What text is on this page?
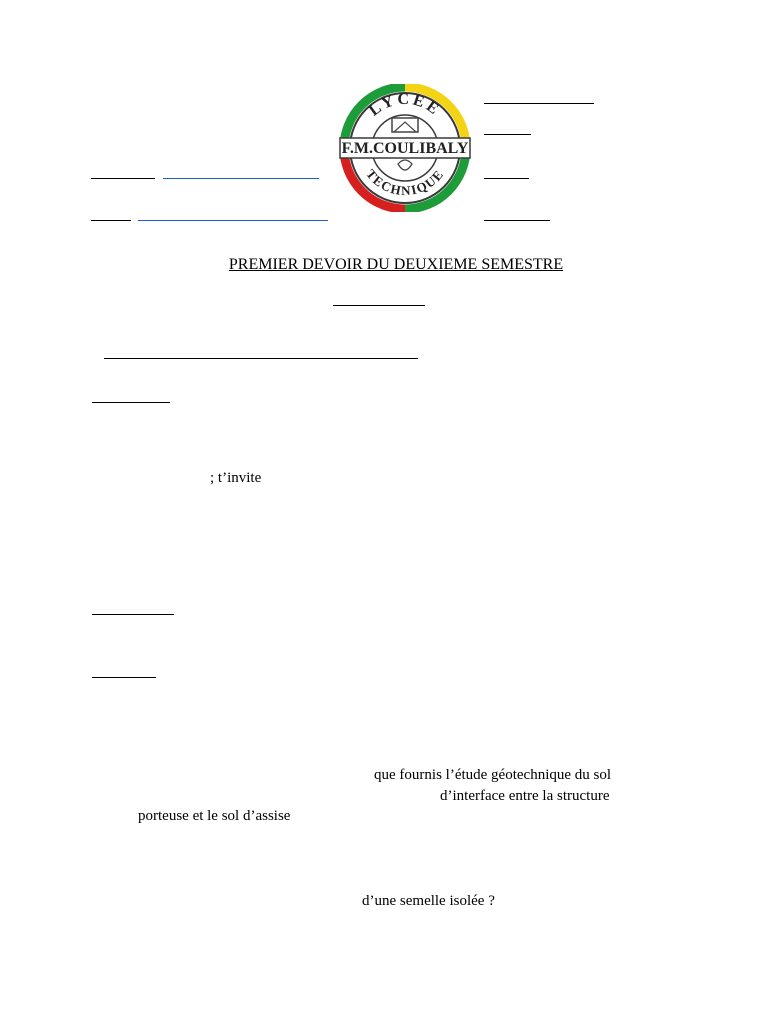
LYCEE
TECHNIQUE
F.M.COULIBALY
PREMIER DEVOIR DU DEUXIEME SEMESTRE
; t’invite
que fournis l’étude géotechnique du sol
d’interface entre la structure
porteuse et le sol d’assise
d’une semelle isolée ?
